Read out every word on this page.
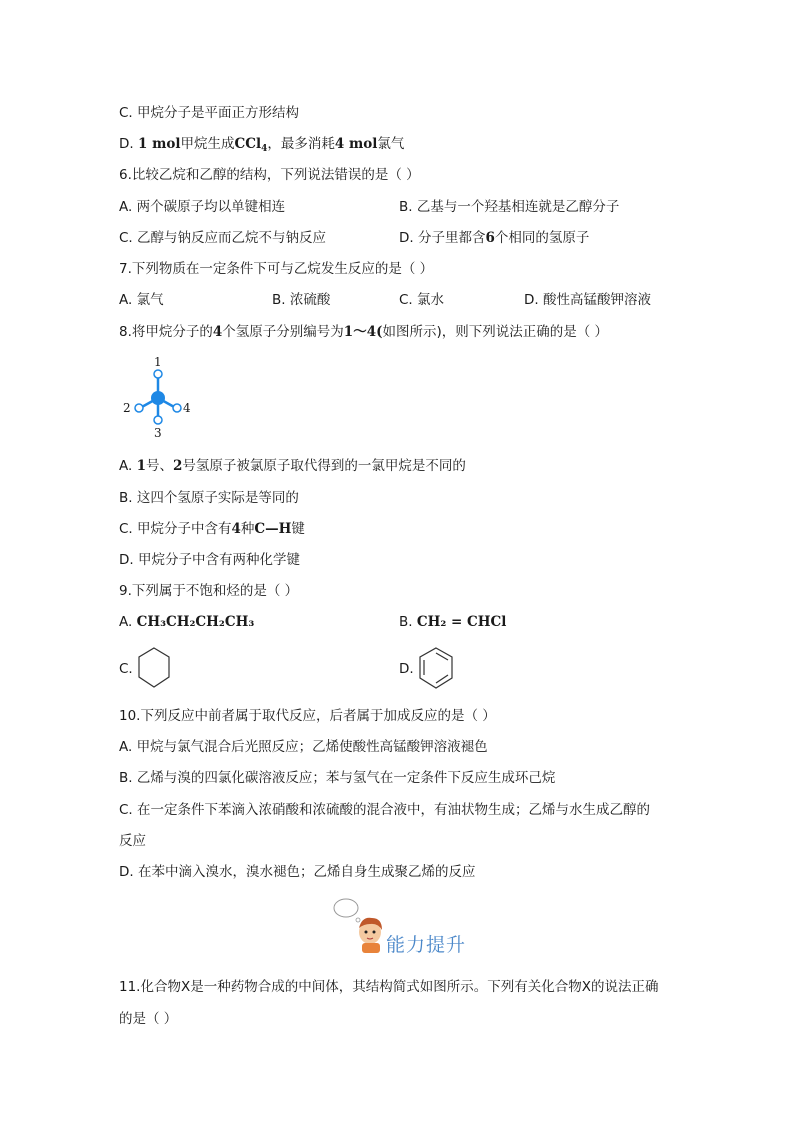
C. 甲烷分子是平面正方形结构
D. 1 mol甲烷生成CCl$_4$，最多消耗4 mol氯气
6.比较乙烷和乙醇的结构，下列说法错误的是（ ）
A. 两个碳原子均以单键相连	B. 乙基与一个羟基相连就是乙醇分子
C. 乙醇与钠反应而乙烷不与钠反应	D. 分子里都含6个相同的氢原子
7.下列物质在一定条件下可与乙烷发生反应的是（ ）
A. 氯气	B. 浓硫酸	C. 氯水	D. 酸性高锰酸钾溶液
8.将甲烷分子的4个氢原子分别编号为1～4(如图所示)，则下列说法正确的是（ ）
1
2
3
4
A. 1号、2号氢原子被氯原子取代得到的一氯甲烷是不同的
B. 这四个氢原子实际是等同的
C. 甲烷分子中含有4种C—H键
D. 甲烷分子中含有两种化学键
9.下列属于不饱和烃的是（ ）
A. CH₃CH₂CH₂CH₃	B. CH₂ = CHCl
C.	D.
10.下列反应中前者属于取代反应，后者属于加成反应的是（ ）
A. 甲烷与氯气混合后光照反应；乙烯使酸性高锰酸钾溶液褪色
B. 乙烯与溴的四氯化碳溶液反应；苯与氢气在一定条件下反应生成环己烷
C. 在一定条件下苯滴入浓硝酸和浓硫酸的混合液中，有油状物生成；乙烯与水生成乙醇的
反应
D. 在苯中滴入溴水，溴水褪色；乙烯自身生成聚乙烯的反应
能力提升
11.化合物X是一种药物合成的中间体，其结构简式如图所示。下列有关化合物X的说法正确
的是（ ）
